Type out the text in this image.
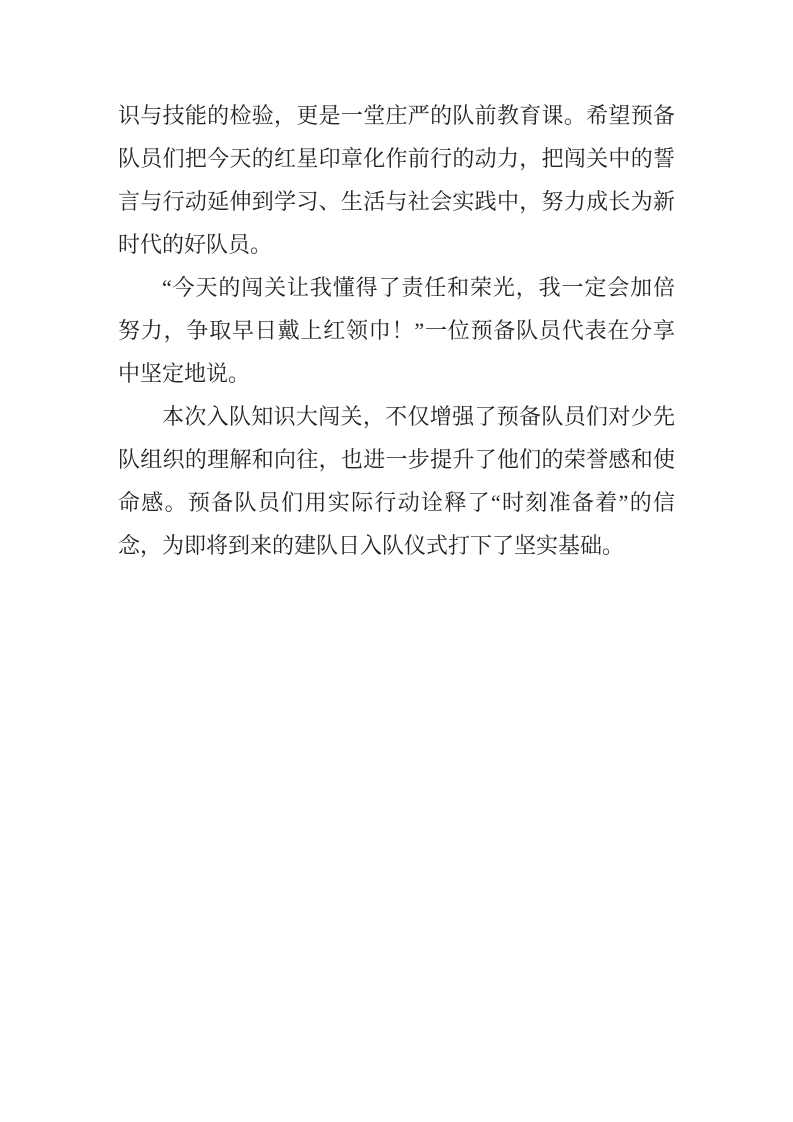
识与技能的检验，更是一堂庄严的队前教育课。希望预备队员们把今天的红星印章化作前行的动力，把闯关中的誓言与行动延伸到学习、生活与社会实践中，努力成长为新时代的好队员。

“今天的闯关让我懂得了责任和荣光，我一定会加倍努力，争取早日戴上红领巾！”一位预备队员代表在分享中坚定地说。

本次入队知识大闯关，不仅增强了预备队员们对少先队组织的理解和向往，也进一步提升了他们的荣誉感和使命感。预备队员们用实际行动诠释了“时刻准备着”的信念，为即将到来的建队日入队仪式打下了坚实基础。
